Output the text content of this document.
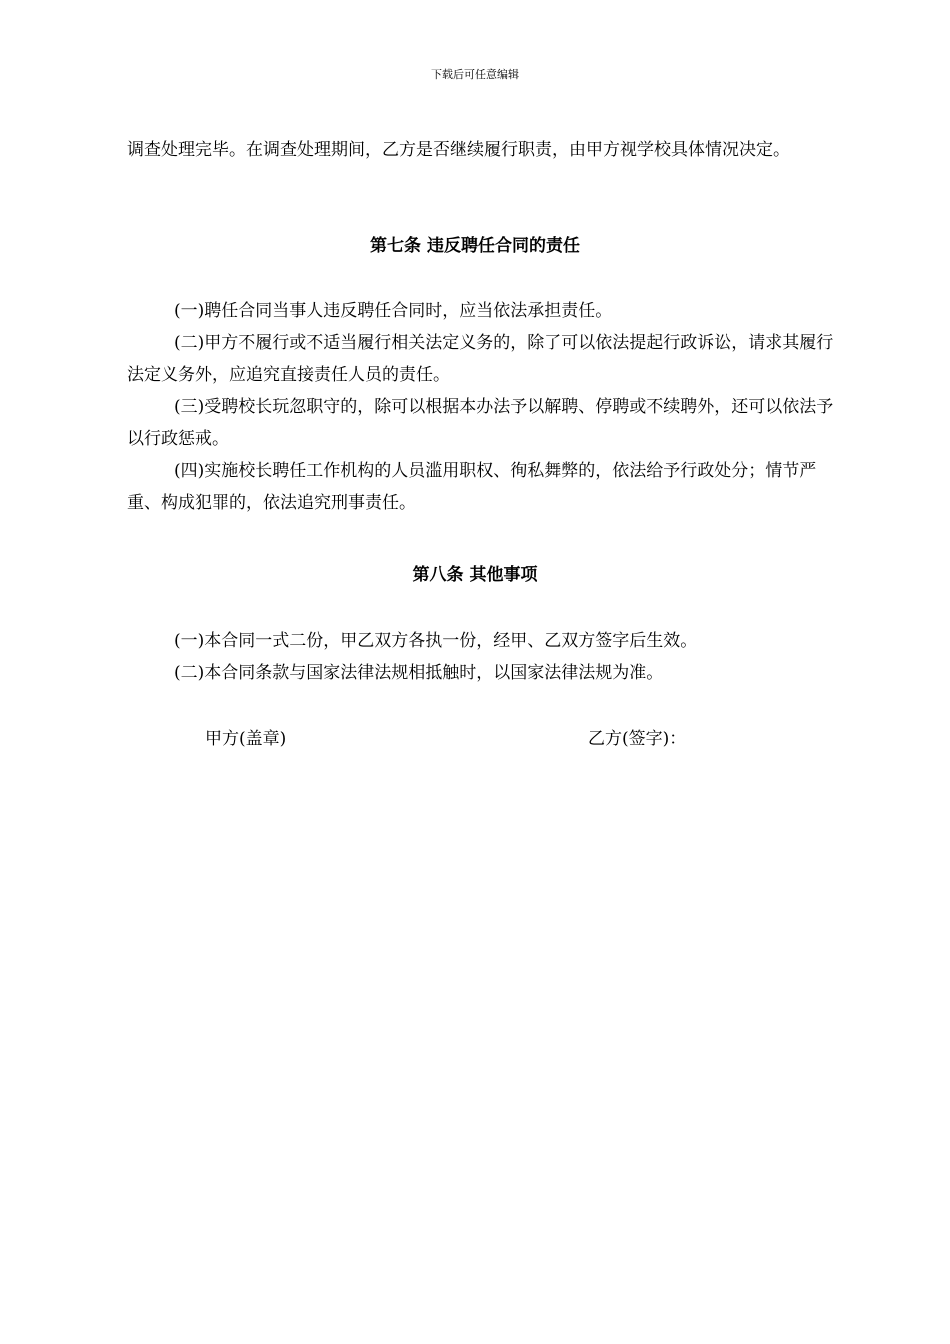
下载后可任意编辑

调查处理完毕。在调查处理期间，乙方是否继续履行职责，由甲方视学校具体情况决定。

第七条 违反聘任合同的责任

(一)聘任合同当事人违反聘任合同时，应当依法承担责任。

(二)甲方不履行或不适当履行相关法定义务的，除了可以依法提起行政诉讼，请求其履行法定义务外，应追究直接责任人员的责任。

(三)受聘校长玩忽职守的，除可以根据本办法予以解聘、停聘或不续聘外，还可以依法予以行政惩戒。

(四)实施校长聘任工作机构的人员滥用职权、徇私舞弊的，依法给予行政处分；情节严重、构成犯罪的，依法追究刑事责任。

第八条 其他事项

(一)本合同一式二份，甲乙双方各执一份，经甲、乙双方签字后生效。

(二)本合同条款与国家法律法规相抵触时，以国家法律法规为准。

甲方(盖章)	乙方(签字)：
